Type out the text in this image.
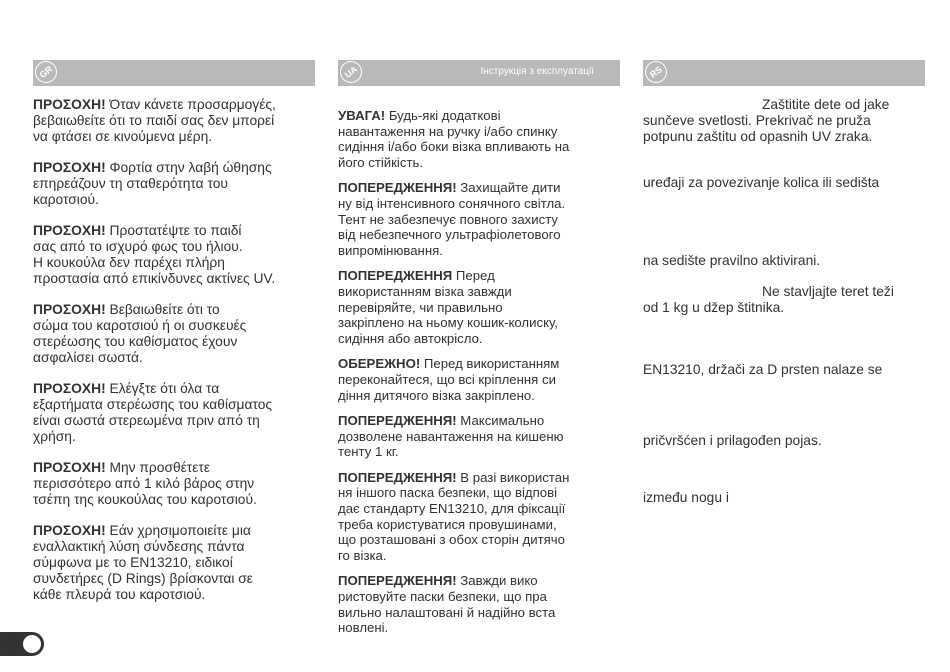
GR	UA	Інструкція з експлуатації	RS
ΠΡΟΣΟΧΗ! Όταν κάνετε προσαρμογές,
βεβαιωθείτε ότι το παιδί σας δεν μπορεί
να φτάσει σε κινούμενα μέρη.
ΠΡΟΣΟΧΗ! Φορτία στην λαβή ώθησης
επηρεάζουν τη σταθερότητα του
καροτσιού.
ΠΡΟΣΟΧΗ! Προστατέψτε το παιδί
σας από το ισχυρό φως του ήλιου.
Η κουκούλα δεν παρέχει πλήρη
προστασία από επικίνδυνες ακτίνες UV.
ΠΡΟΣΟΧΗ! Βεβαιωθείτε ότι το
σώμα του καροτσιού ή οι συσκευές
στερέωσης του καθίσματος έχουν
ασφαλίσει σωστά.
ΠΡΟΣΟΧΗ! Ελέγξτε ότι όλα τα
εξαρτήματα στερέωσης του καθίσματος
είναι σωστά στερεωμένα πριν από τη
χρήση.
ΠΡΟΣΟΧΗ! Μην προσθέτετε
περισσότερο από 1 κιλό βάρος στην
τσέπη της κουκούλας του καροτσιού.
ΠΡΟΣΟΧΗ! Εάν χρησιμοποιείτε μια
εναλλακτική λύση σύνδεσης πάντα
σύμφωνα με το EN13210, ειδικοί
συνδετήρες (D Rings) βρίσκονται σε
κάθε πλευρά του καροτσιού.
УВАГА! Будь-які додаткові
навантаження на ручку і/або спинку
сидіння і/або боки візка впливають на
його стійкість.
ПОПЕРЕДЖЕННЯ! Захищайте дити
ну від інтенсивного сонячного світла.
Тент не забезпечує повного захисту
від небезпечного ультрафіолетового
випромінювання.
ПОПЕРЕДЖЕННЯ Перед
використанням візка завжди
перевіряйте, чи правильно
закріплено на ньому кошик-колиску,
сидіння або автокрісло.
ОБЕРЕЖНО! Перед використанням
переконайтеся, що всі кріплення си
діння дитячого візка закріплено.
ПОПЕРЕДЖЕННЯ! Максимально
дозволене навантаження на кишеню
тенту 1 кг.
ПОПЕРЕДЖЕННЯ! В разі використан
ня іншого паска безпеки, що відпові
дає стандарту EN13210, для фіксації
треба користуватися провушинами,
що розташовані з обох сторін дитячо
го візка.
ПОПЕРЕДЖЕННЯ! Завжди вико
ристовуйте паски безпеки, що пра
вильно налаштовані й надійно вста
новлені.
Zaštitite dete od jake
sunčeve svetlosti. Prekrivač ne pruža
potpunu zaštitu od opasnih UV zraka.
uređaji za povezivanje kolica ili sedišta
na sedište pravilno aktivirani.
Ne stavljajte teret teži
od 1 kg u džep štitnika.
EN13210, držači za D prsten nalaze se
pričvršćen i prilagođen pojas.
između nogu i
